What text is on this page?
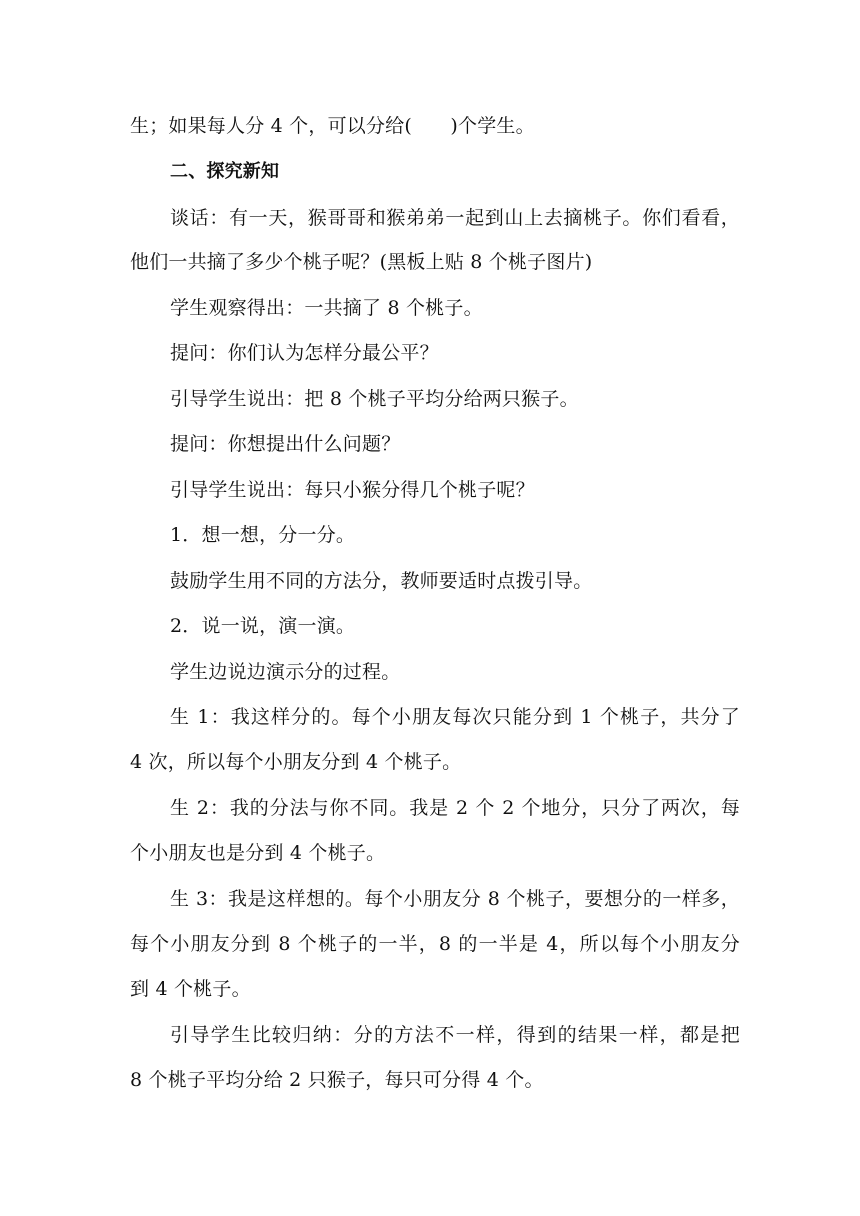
生；如果每人分 4 个，可以分给(　　)个学生。
二、探究新知
谈话：有一天，猴哥哥和猴弟弟一起到山上去摘桃子。你们看看，
他们一共摘了多少个桃子呢？(黑板上贴 8 个桃子图片)
学生观察得出：一共摘了 8 个桃子。
提问：你们认为怎样分最公平？
引导学生说出：把 8 个桃子平均分给两只猴子。
提问：你想提出什么问题？
引导学生说出：每只小猴分得几个桃子呢？
1．想一想，分一分。
鼓励学生用不同的方法分，教师要适时点拨引导。
2．说一说，演一演。
学生边说边演示分的过程。
生 1：我这样分的。每个小朋友每次只能分到 1 个桃子，共分了
4 次，所以每个小朋友分到 4 个桃子。
生 2：我的分法与你不同。我是 2 个 2 个地分，只分了两次，每
个小朋友也是分到 4 个桃子。
生 3：我是这样想的。每个小朋友分 8 个桃子，要想分的一样多，
每个小朋友分到 8 个桃子的一半，8 的一半是 4，所以每个小朋友分
到 4 个桃子。
引导学生比较归纳：分的方法不一样，得到的结果一样，都是把
8 个桃子平均分给 2 只猴子，每只可分得 4 个。
